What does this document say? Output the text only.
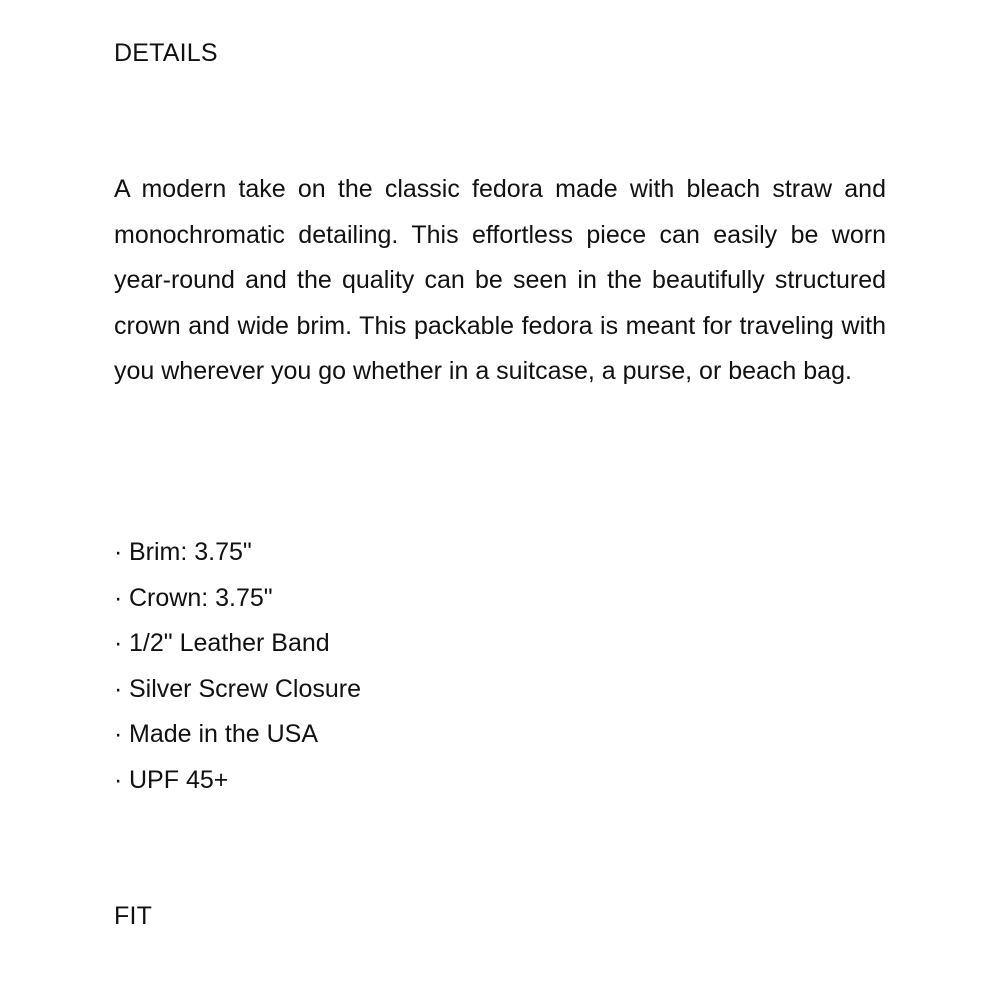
DETAILS

A modern take on the classic fedora made with bleach straw and monochromatic detailing. This effortless piece can easily be worn year-round and the quality can be seen in the beautifully structured crown and wide brim. This packable fedora is meant for traveling with you wherever you go whether in a suitcase, a purse, or beach bag.

· Brim: 3.75"
· Crown: 3.75"
· 1/2" Leather Band
· Silver Screw Closure
· Made in the USA
· UPF 45+
FIT
